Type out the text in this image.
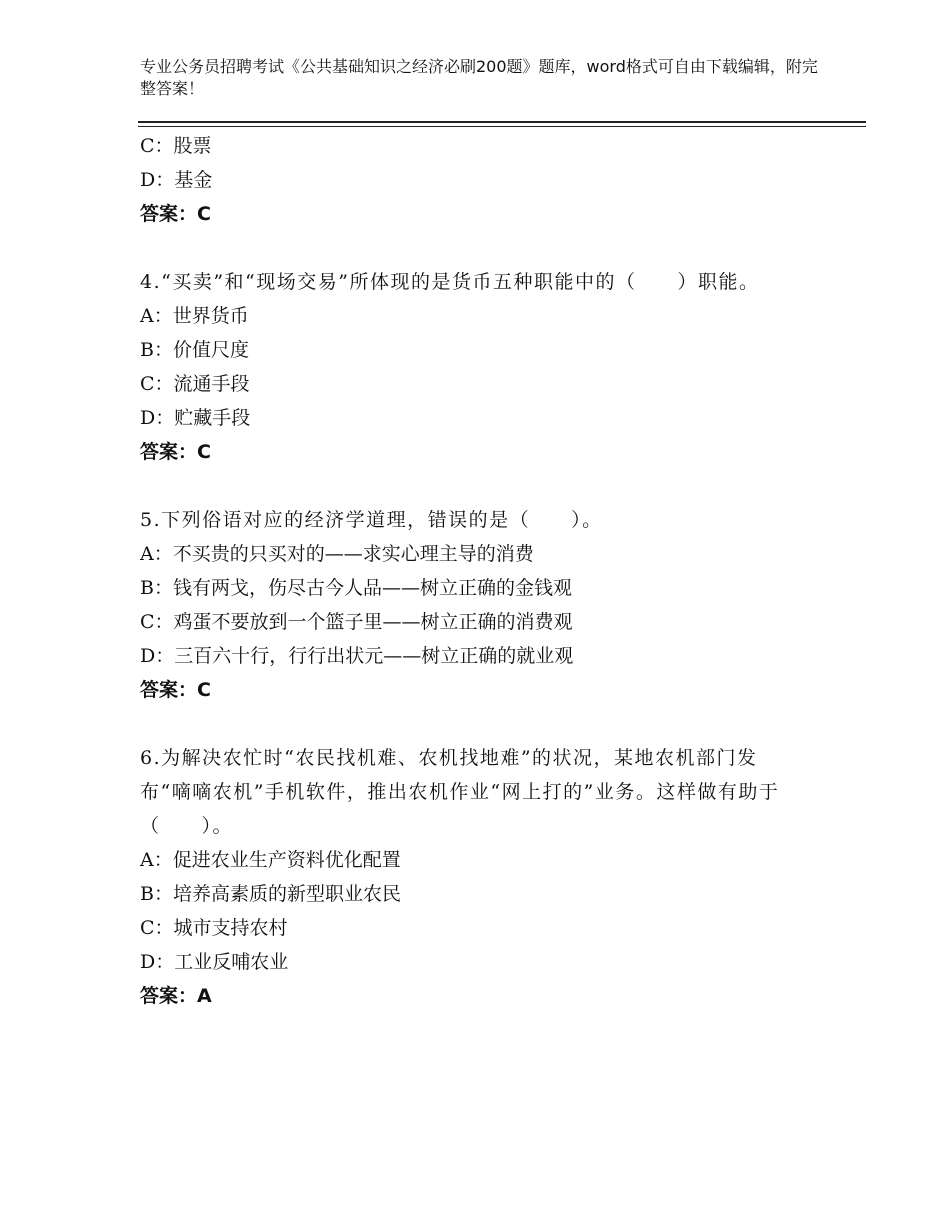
专业公务员招聘考试《公共基础知识之经济必刷200题》题库，word格式可自由下载编辑，附完整答案！
C：股票
D：基金
答案：C
4.“买卖”和“现场交易”所体现的是货币五种职能中的（　　）职能。
A：世界货币
B：价值尺度
C：流通手段
D：贮藏手段
答案：C
5.下列俗语对应的经济学道理，错误的是（　　）。
A：不买贵的只买对的——求实心理主导的消费
B：钱有两戈，伤尽古今人品——树立正确的金钱观
C：鸡蛋不要放到一个篮子里——树立正确的消费观
D：三百六十行，行行出状元——树立正确的就业观
答案：C
6.为解决农忙时“农民找机难、农机找地难”的状况，某地农机部门发布“嘀嘀农机”手机软件，推出农机作业“网上打的”业务。这样做有助于（　　）。
A：促进农业生产资料优化配置
B：培养高素质的新型职业农民
C：城市支持农村
D：工业反哺农业
答案：A
